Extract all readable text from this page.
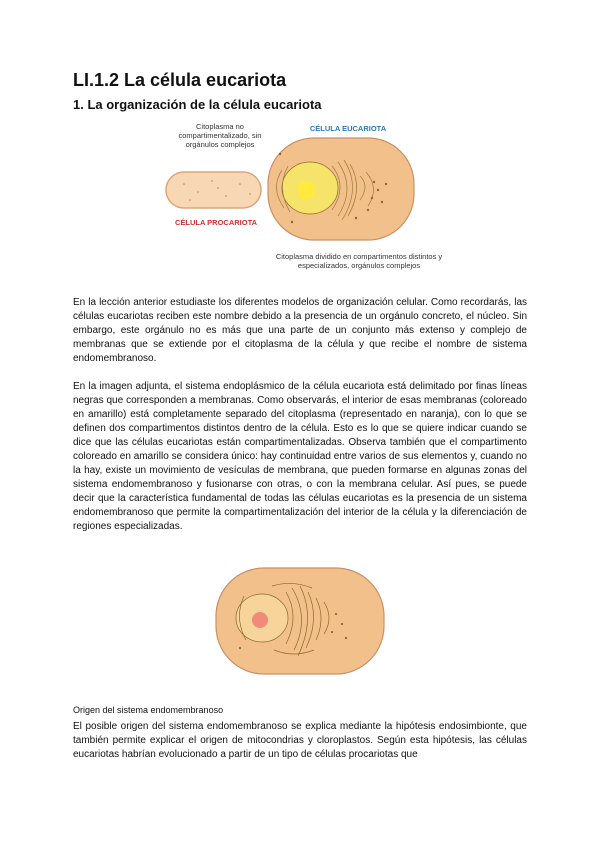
LI.1.2 La célula eucariota
1. La organización de la célula eucariota
Citoplasma no compartimentalizado, sin orgánulos complejos
CÉLULA EUCARIOTA
CÉLULA PROCARIOTA
Citoplasma dividido en compartimentos distintos y especializados, orgánulos complejos

En la lección anterior estudiaste los diferentes modelos de organización celular. Como recordarás, las células eucariotas reciben este nombre debido a la presencia de un orgánulo concreto, el núcleo. Sin embargo, este orgánulo no es más que una parte de un conjunto más extenso y complejo de membranas que se extiende por el citoplasma de la célula y que recibe el nombre de sistema endomembranoso.

En la imagen adjunta, el sistema endoplásmico de la célula eucariota está delimitado por finas líneas negras que corresponden a membranas. Como observarás, el interior de esas membranas (coloreado en amarillo) está completamente separado del citoplasma (representado en naranja), con lo que se definen dos compartimentos distintos dentro de la célula. Esto es lo que se quiere indicar cuando se dice que las células eucariotas están compartimentalizadas. Observa también que el compartimento coloreado en amarillo se considera único: hay continuidad entre varios de sus elementos y, cuando no la hay, existe un movimiento de vesículas de membrana, que pueden formarse en algunas zonas del sistema endomembranoso y fusionarse con otras, o con la membrana celular. Así pues, se puede decir que la característica fundamental de todas las células eucariotas es la presencia de un sistema endomembranoso que permite la compartimentalización del interior de la célula y la diferenciación de regiones especializadas.

Origen del sistema endomembranoso

El posible origen del sistema endomembranoso se explica mediante la hipótesis endosimbionte, que también permite explicar el origen de mitocondrias y cloroplastos. Según esta hipótesis, las células eucariotas habrían evolucionado a partir de un tipo de células procariotas que
